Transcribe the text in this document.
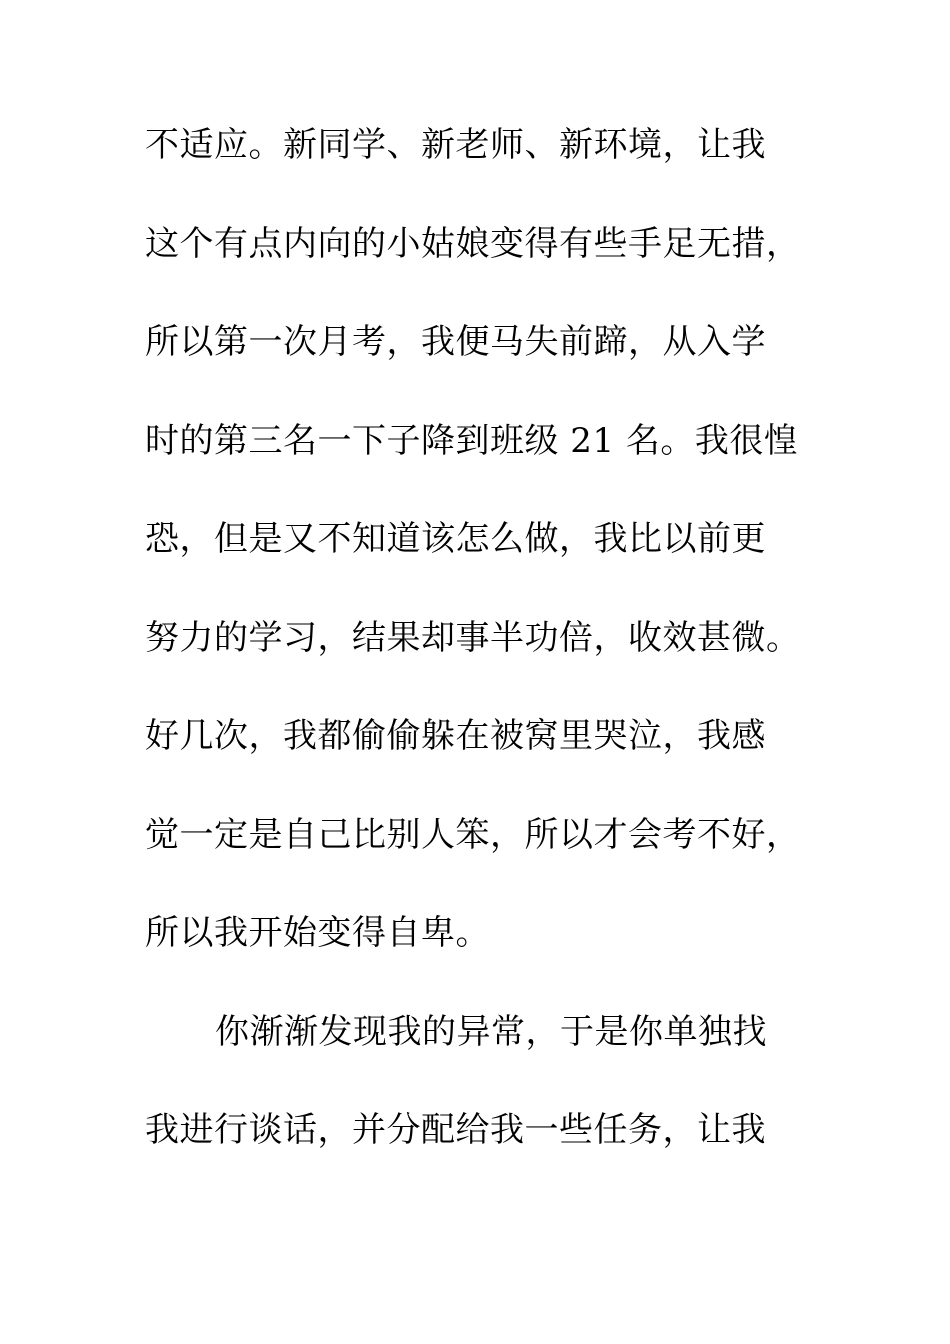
不适应。新同学、新老师、新环境，让我

这个有点内向的小姑娘变得有些手足无措，

所以第一次月考，我便马失前蹄，从入学

时的第三名一下子降到班级 21 名。我很惶

恐，但是又不知道该怎么做，我比以前更

努力的学习，结果却事半功倍，收效甚微。

好几次，我都偷偷躲在被窝里哭泣，我感

觉一定是自己比别人笨，所以才会考不好，

所以我开始变得自卑。

你渐渐发现我的异常，于是你单独找

我进行谈话，并分配给我一些任务，让我
